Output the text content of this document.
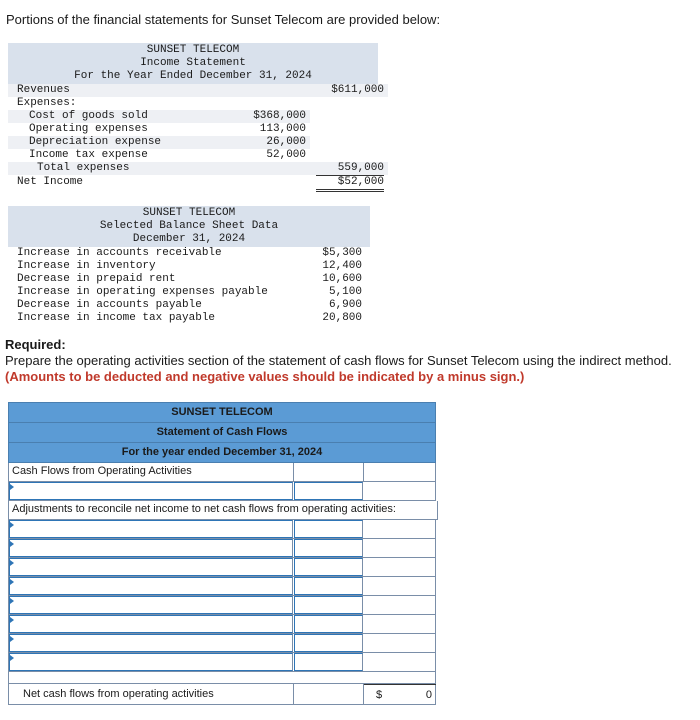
Portions of the financial statements for Sunset Telecom are provided below:
SUNSET TELECOM
Income Statement
For the Year Ended December 31, 2024
Revenues	$611,000
Expenses:
Cost of goods sold	$368,000
Operating expenses	113,000
Depreciation expense	26,000
Income tax expense	52,000
Total expenses	559,000
Net Income	$52,000
SUNSET TELECOM
Selected Balance Sheet Data
December 31, 2024
Increase in accounts receivable	$5,300
Increase in inventory	12,400
Decrease in prepaid rent	10,600
Increase in operating expenses payable	5,100
Decrease in accounts payable	6,900
Increase in income tax payable	20,800
Required:
Prepare the operating activities section of the statement of cash flows for Sunset Telecom using the indirect method.
(Amounts to be deducted and negative values should be indicated by a minus sign.)
SUNSET TELECOM
Statement of Cash Flows
For the year ended December 31, 2024
Cash Flows from Operating Activities
Adjustments to reconcile net income to net cash flows from operating activities:
Net cash flows from operating activities	$	0
